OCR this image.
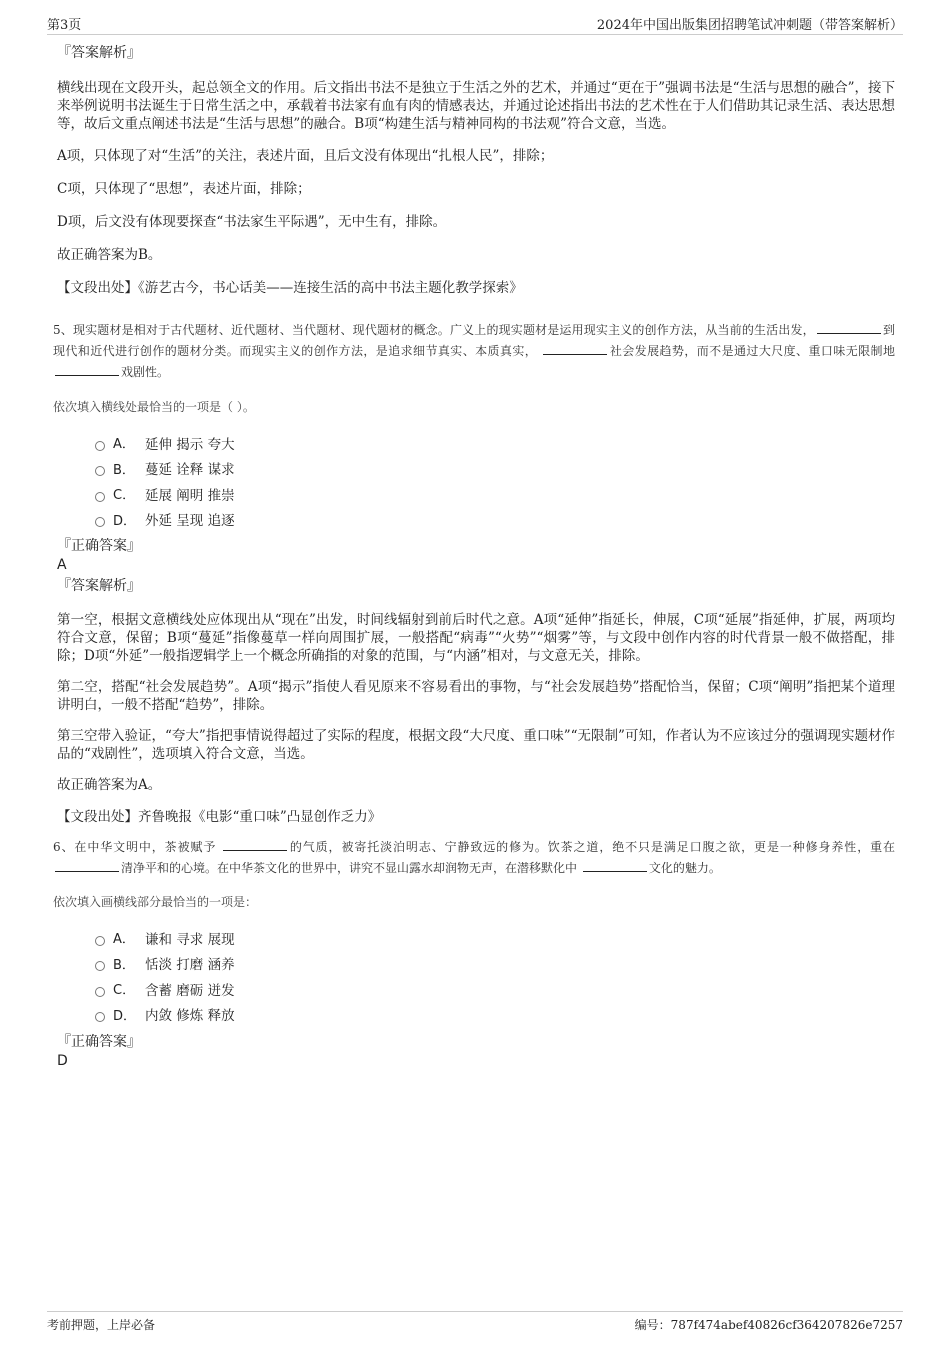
第3页	2024年中国出版集团招聘笔试冲刺题（带答案解析）

『答案解析』

横线出现在文段开头，起总领全文的作用。后文指出书法不是独立于生活之外的艺术，并通过“更在于”强调书法是“生活与思想的融合”，接下来举例说明书法诞生于日常生活之中，承载着书法家有血有肉的情感表达，并通过论述指出书法的艺术性在于人们借助其记录生活、表达思想等，故后文重点阐述书法是“生活与思想”的融合。B项“构建生活与精神同构的书法观”符合文意，当选。

A项，只体现了对“生活”的关注，表述片面，且后文没有体现出“扎根人民”，排除；

C项，只体现了“思想”，表述片面，排除；

D项，后文没有体现要探查“书法家生平际遇”，无中生有，排除。

故正确答案为B。

【文段出处】《游艺古今，书心话美——连接生活的高中书法主题化教学探索》

5、现实题材是相对于古代题材、近代题材、当代题材、现代题材的概念。广义上的现实题材是运用现实主义的创作方法，从当前的生活出发，	到现代和近代进行创作的题材分类。而现实主义的创作方法，是追求细节真实、本质真实，	社会发展趋势，而不是通过大尺度、重口味无限制地 戏剧性。

依次填入横线处最恰当的一项是（ ）。

A． 延伸 揭示 夸大
B． 蔓延 诠释 谋求
C． 延展 阐明 推崇
D． 外延 呈现 追逐

『正确答案』

A

『答案解析』

第一空，根据文意横线处应体现出从“现在”出发，时间线辐射到前后时代之意。A项“延伸”指延长，伸展，C项“延展”指延伸，扩展，两项均符合文意，保留；B项“蔓延”指像蔓草一样向周围扩展，一般搭配“病毒”“火势”“烟雾”等，与文段中创作内容的时代背景一般不做搭配，排除；D项“外延”一般指逻辑学上一个概念所确指的对象的范围，与“内涵”相对，与文意无关，排除。

第二空，搭配“社会发展趋势”。A项“揭示”指使人看见原来不容易看出的事物，与“社会发展趋势”搭配恰当，保留；C项“阐明”指把某个道理讲明白，一般不搭配“趋势”，排除。

第三空带入验证，“夸大”指把事情说得超过了实际的程度，根据文段“大尺度、重口味”“无限制”可知，作者认为不应该过分的强调现实题材作品的“戏剧性”，选项填入符合文意，当选。

故正确答案为A。

【文段出处】齐鲁晚报《电影“重口味”凸显创作乏力》

6、在中华文明中，茶被赋予	的气质，被寄托淡泊明志、宁静致远的修为。饮茶之道，绝不只是满足口腹之欲，更是一种修身养性，重在 清净平和的心境。在中华茶文化的世界中，讲究不显山露水却润物无声，在潜移默化中	文化的魅力。

依次填入画横线部分最恰当的一项是：

A． 谦和 寻求 展现
B． 恬淡 打磨 涵养
C． 含蓄 磨砺 迸发
D． 内敛 修炼 释放

『正确答案』

D

考前押题，上岸必备	编号：787f474abef40826cf364207826e7257
